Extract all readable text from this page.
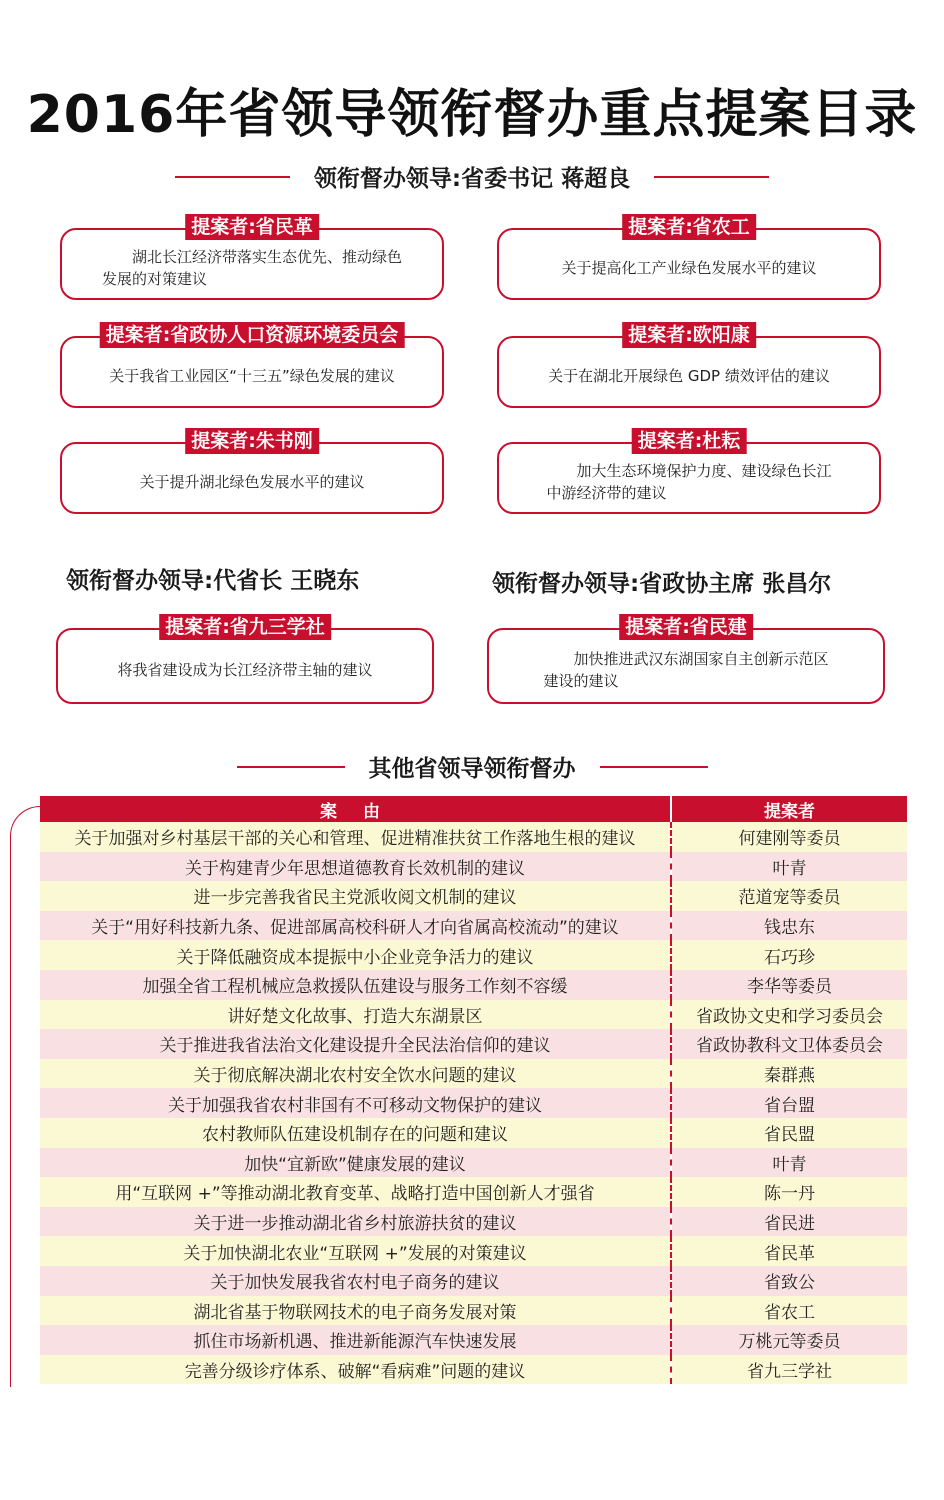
2016年省领导领衔督办重点提案目录
领衔督办领导:省委书记 蒋超良
提案者:省民革
湖北长江经济带落实生态优先、推动绿色
发展的对策建议
提案者:省农工
关于提高化工产业绿色发展水平的建议
提案者:省政协人口资源环境委员会
关于我省工业园区“十三五”绿色发展的建议
提案者:欧阳康
关于在湖北开展绿色 GDP 绩效评估的建议
提案者:朱书刚
关于提升湖北绿色发展水平的建议
提案者:杜耘
加大生态环境保护力度、建设绿色长江
中游经济带的建议
领衔督办领导:代省长 王晓东	领衔督办领导:省政协主席 张昌尔
提案者:省九三学社
将我省建设成为长江经济带主轴的建议
提案者:省民建
加快推进武汉东湖国家自主创新示范区
建设的建议
其他省领导领衔督办
案 由	提案者
关于加强对乡村基层干部的关心和管理、促进精准扶贫工作落地生根的建议	何建刚等委员
关于构建青少年思想道德教育长效机制的建议	叶青
进一步完善我省民主党派收阅文机制的建议	范道宠等委员
关于“用好科技新九条、促进部属高校科研人才向省属高校流动”的建议	钱忠东
关于降低融资成本提振中小企业竞争活力的建议	石巧珍
加强全省工程机械应急救援队伍建设与服务工作刻不容缓	李华等委员
讲好楚文化故事、打造大东湖景区	省政协文史和学习委员会
关于推进我省法治文化建设提升全民法治信仰的建议	省政协教科文卫体委员会
关于彻底解决湖北农村安全饮水问题的建议	秦群燕
关于加强我省农村非国有不可移动文物保护的建议	省台盟
农村教师队伍建设机制存在的问题和建议	省民盟
加快“宜新欧”健康发展的建议	叶青
用“互联网 +”等推动湖北教育变革、战略打造中国创新人才强省	陈一丹
关于进一步推动湖北省乡村旅游扶贫的建议	省民进
关于加快湖北农业“互联网 +”发展的对策建议	省民革
关于加快发展我省农村电子商务的建议	省致公
湖北省基于物联网技术的电子商务发展对策	省农工
抓住市场新机遇、推进新能源汽车快速发展	万桃元等委员
完善分级诊疗体系、破解“看病难”问题的建议	省九三学社
